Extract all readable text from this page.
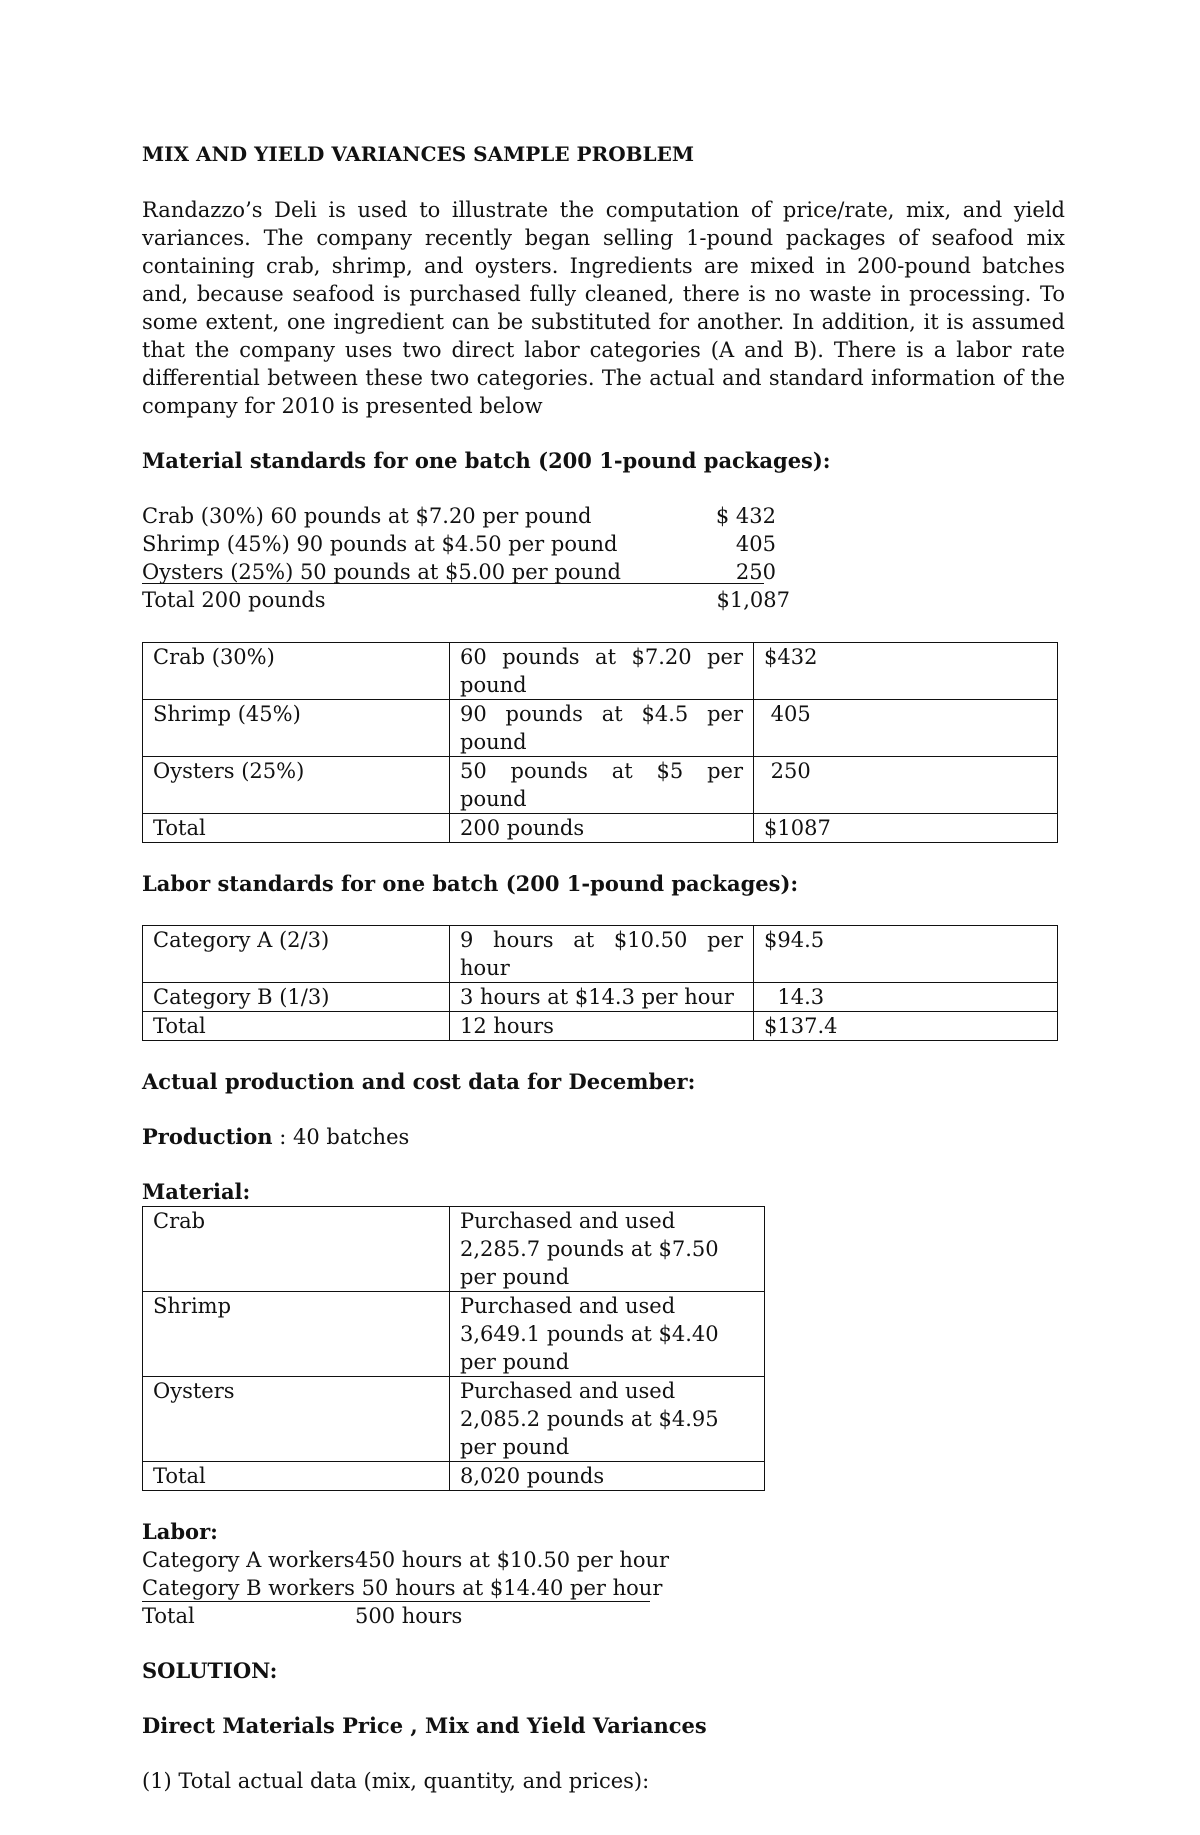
MIX AND YIELD VARIANCES SAMPLE PROBLEM

Randazzo’s Deli is used to illustrate the computation of price/rate, mix, and yield variances. The company recently began selling 1-pound packages of seafood mix containing crab, shrimp, and oysters. Ingredients are mixed in 200-pound batches and, because seafood is purchased fully cleaned, there is no waste in processing. To some extent, one ingredient can be substituted for another. In addition, it is assumed that the company uses two direct labor categories (A and B). There is a labor rate differential between these two categories. The actual and standard information of the company for 2010 is presented below

Material standards for one batch (200 1-pound packages):

Crab (30%) 60 pounds at $7.20 per pound	$ 432
Shrimp (45%) 90 pounds at $4.50 per pound	405
Oysters (25%) 50 pounds at $5.00 per pound	250
Total 200 pounds	$1,087
Crab (30%)	60 pounds at $7.20 per pound	$432
Shrimp (45%)	90 pounds at $4.5 per pound	405
Oysters (25%)	50 pounds at $5 per pound	250
Total	200 pounds	$1087

Labor standards for one batch (200 1-pound packages):

Category A (2/3)	9 hours at $10.50 per hour	$94.5
Category B (1/3)	3 hours at $14.3 per hour	14.3
Total	12 hours	$137.4

Actual production and cost data for December:

Production : 40 batches

Material:

Crab	Purchased and used 2,285.7 pounds at $7.50 per pound
Shrimp	Purchased and used 3,649.1 pounds at $4.40 per pound
Oysters	Purchased and used 2,085.2 pounds at $4.95 per pound
Total	8,020 pounds

Labor:

Category A workers 450 hours at $10.50 per hour
Category B workers 50 hours at $14.40 per hour
Total	500 hours

SOLUTION:

Direct Materials Price , Mix and Yield Variances

(1) Total actual data (mix, quantity, and prices):
